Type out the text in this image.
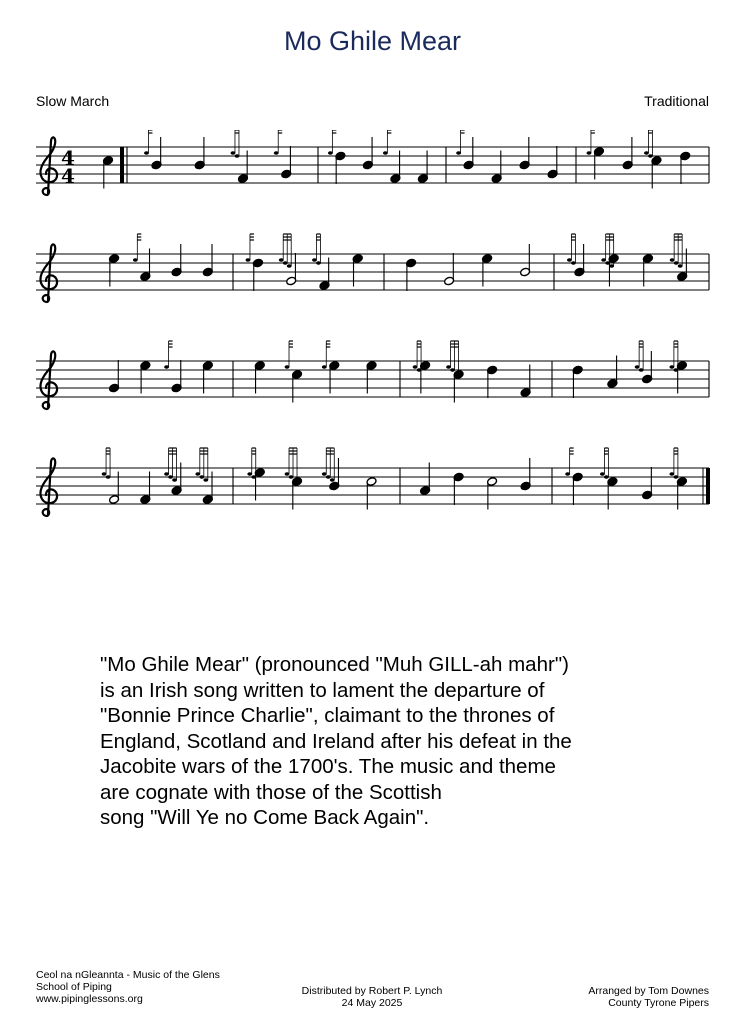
Mo Ghile Mear
Slow March	Traditional
4
4
"Mo Ghile Mear" (pronounced "Muh GILL-ah mahr")
is an Irish song written to lament the departure of
"Bonnie Prince Charlie", claimant to the thrones of
England, Scotland and Ireland after his defeat in the
Jacobite wars of the 1700's. The music and theme
are cognate with those of the Scottish
song "Will Ye no Come Back Again".
Ceol na nGleannta - Music of the Glens
School of Piping
www.pipinglessons.org
Distributed by Robert P. Lynch
24 May 2025
Arranged by Tom Downes
County Tyrone Pipers
